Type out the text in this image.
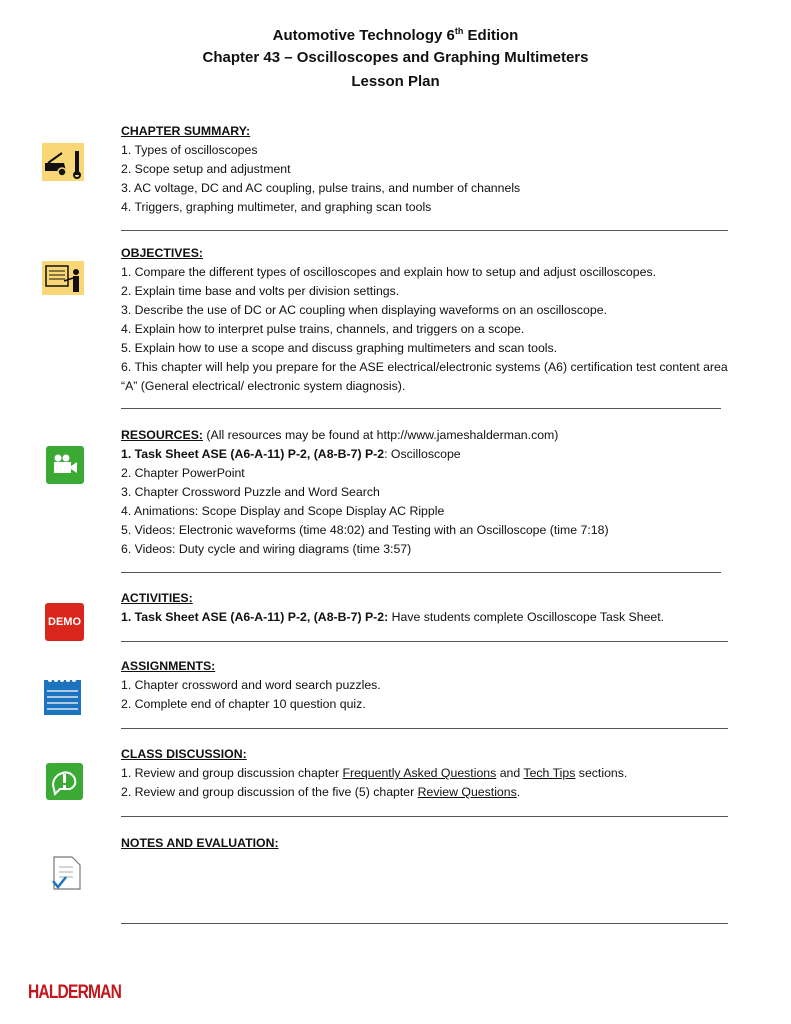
Automotive Technology 6th Edition
Chapter 43 – Oscilloscopes and Graphing Multimeters
Lesson Plan
CHAPTER SUMMARY:

1. Types of oscilloscopes

2. Scope setup and adjustment

3. AC voltage, DC and AC coupling, pulse trains, and number of channels

4. Triggers, graphing multimeter, and graphing scan tools

OBJECTIVES:

1. Compare the different types of oscilloscopes and explain how to setup and adjust oscilloscopes.

2. Explain time base and volts per division settings.

3. Describe the use of DC or AC coupling when displaying waveforms on an oscilloscope.

4. Explain how to interpret pulse trains, channels, and triggers on a scope.

5. Explain how to use a scope and discuss graphing multimeters and scan tools.

6. This chapter will help you prepare for the ASE electrical/electronic systems (A6) certification test content area “A” (General electrical/ electronic system diagnosis).

RESOURCES: (All resources may be found at http://www.jameshalderman.com)

1. Task Sheet ASE (A6-A-11) P-2, (A8-B-7) P-2: Oscilloscope

2. Chapter PowerPoint

3. Chapter Crossword Puzzle and Word Search

4. Animations: Scope Display and Scope Display AC Ripple

5. Videos: Electronic waveforms (time 48:02) and Testing with an Oscilloscope (time 7:18)

6. Videos: Duty cycle and wiring diagrams (time 3:57)

DEMO
ACTIVITIES:

1. Task Sheet ASE (A6-A-11) P-2, (A8-B-7) P-2: Have students complete Oscilloscope Task Sheet.

ASSIGNMENTS:

1. Chapter crossword and word search puzzles.

2. Complete end of chapter 10 question quiz.

CLASS DISCUSSION:

1. Review and group discussion chapter Frequently Asked Questions and Tech Tips sections.

2. Review and group discussion of the five (5) chapter Review Questions.

NOTES AND EVALUATION:
HALDERMAN
